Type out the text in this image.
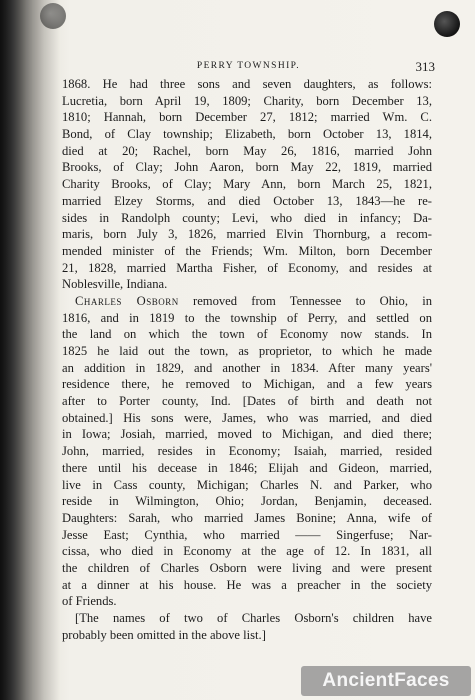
PERRY TOWNSHIP.	313
1868. He had three sons and seven daughters, as follows:
Lucretia, born April 19, 1809; Charity, born December 13,
1810; Hannah, born December 27, 1812; married Wm. C.
Bond, of Clay township; Elizabeth, born October 13, 1814,
died at 20; Rachel, born May 26, 1816, married John
Brooks, of Clay; John Aaron, born May 22, 1819, married
Charity Brooks, of Clay; Mary Ann, born March 25, 1821,
married Elzey Storms, and died October 13, 1843—he re-
sides in Randolph county; Levi, who died in infancy; Da-
maris, born July 3, 1826, married Elvin Thornburg, a recom-
mended minister of the Friends; Wm. Milton, born December
21, 1828, married Martha Fisher, of Economy, and resides at
Noblesville, Indiana.
Charles Osborn removed from Tennessee to Ohio, in
1816, and in 1819 to the township of Perry, and settled on
the land on which the town of Economy now stands. In
1825 he laid out the town, as proprietor, to which he made
an addition in 1829, and another in 1834. After many years'
residence there, he removed to Michigan, and a few years
after to Porter county, Ind. [Dates of birth and death not
obtained.] His sons were, James, who was married, and died
in Iowa; Josiah, married, moved to Michigan, and died there;
John, married, resides in Economy; Isaiah, married, resided
there until his decease in 1846; Elijah and Gideon, married,
live in Cass county, Michigan; Charles N. and Parker, who
reside in Wilmington, Ohio; Jordan, Benjamin, deceased.
Daughters: Sarah, who married James Bonine; Anna, wife of
Jesse East; Cynthia, who married —— Singerfuse; Nar-
cissa, who died in Economy at the age of 12. In 1831, all
the children of Charles Osborn were living and were present
at a dinner at his house. He was a preacher in the society
of Friends.
[The names of two of Charles Osborn's children have
probably been omitted in the above list.]
AncientFaces
